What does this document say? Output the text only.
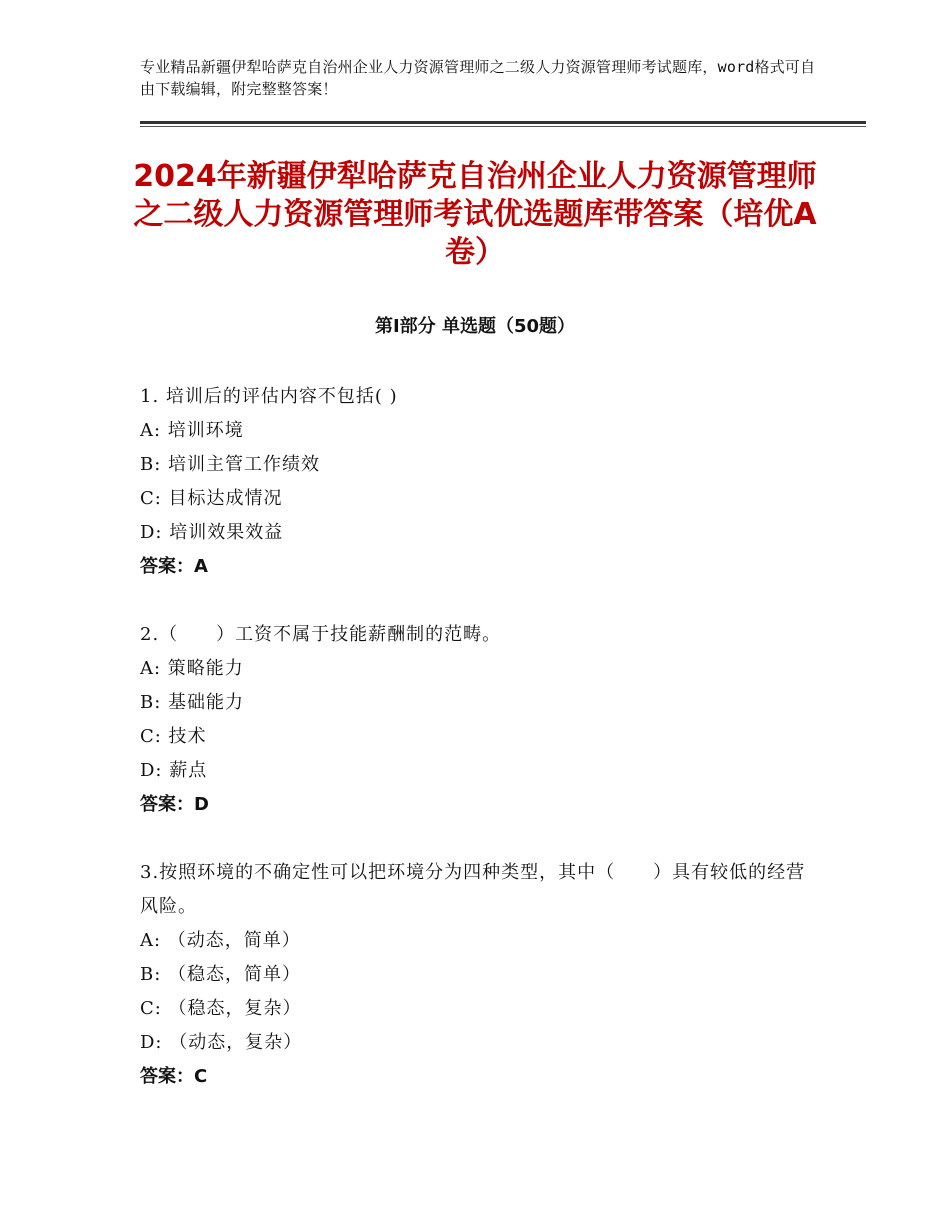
专业精品新疆伊犁哈萨克自治州企业人力资源管理师之二级人力资源管理师考试题库，word格式可自由下载编辑，附完整整答案！
2024年新疆伊犁哈萨克自治州企业人力资源管理师之二级人力资源管理师考试优选题库带答案（培优A卷）
第Ⅰ部分 单选题（50题）

1. 培训后的评估内容不包括( )

A: 培训环境

B: 培训主管工作绩效

C: 目标达成情况

D: 培训效果效益

答案：A

2.（　　）工资不属于技能薪酬制的范畴。

A: 策略能力

B: 基础能力

C: 技术

D: 薪点

答案：D

3.按照环境的不确定性可以把环境分为四种类型，其中（　　）具有较低的经营风险。

A: （动态，简单）

B: （稳态，简单）

C: （稳态，复杂）

D: （动态，复杂）

答案：C
